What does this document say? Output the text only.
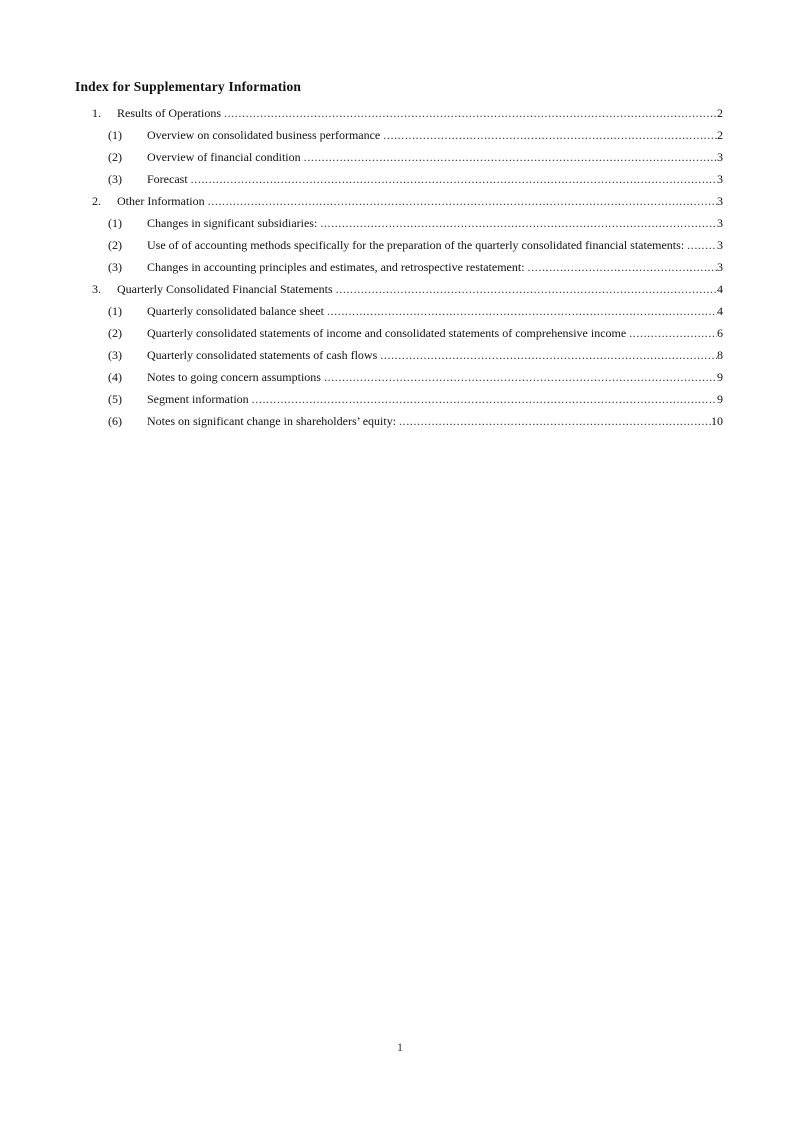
Index for Supplementary Information
1.	Results of Operations .....	2
(1)	Overview on consolidated business performance .....	2
(2)	Overview of financial condition .....	3
(3)	Forecast .....	3
2.	Other Information .....	3
(1)	Changes in significant subsidiaries: .....	3
(2)	Use of of accounting methods specifically for the preparation of the quarterly consolidated financial statements: .....	3
(3)	Changes in accounting principles and estimates, and retrospective restatement: .....	3
3.	Quarterly Consolidated Financial Statements .....	4
(1)	Quarterly consolidated balance sheet .....	4
(2)	Quarterly consolidated statements of income and consolidated statements of comprehensive income .....	6
(3)	Quarterly consolidated statements of cash flows .....	8
(4)	Notes to going concern assumptions .....	9
(5)	Segment information .....	9
(6)	Notes on significant change in shareholders’ equity: .....	10
1
